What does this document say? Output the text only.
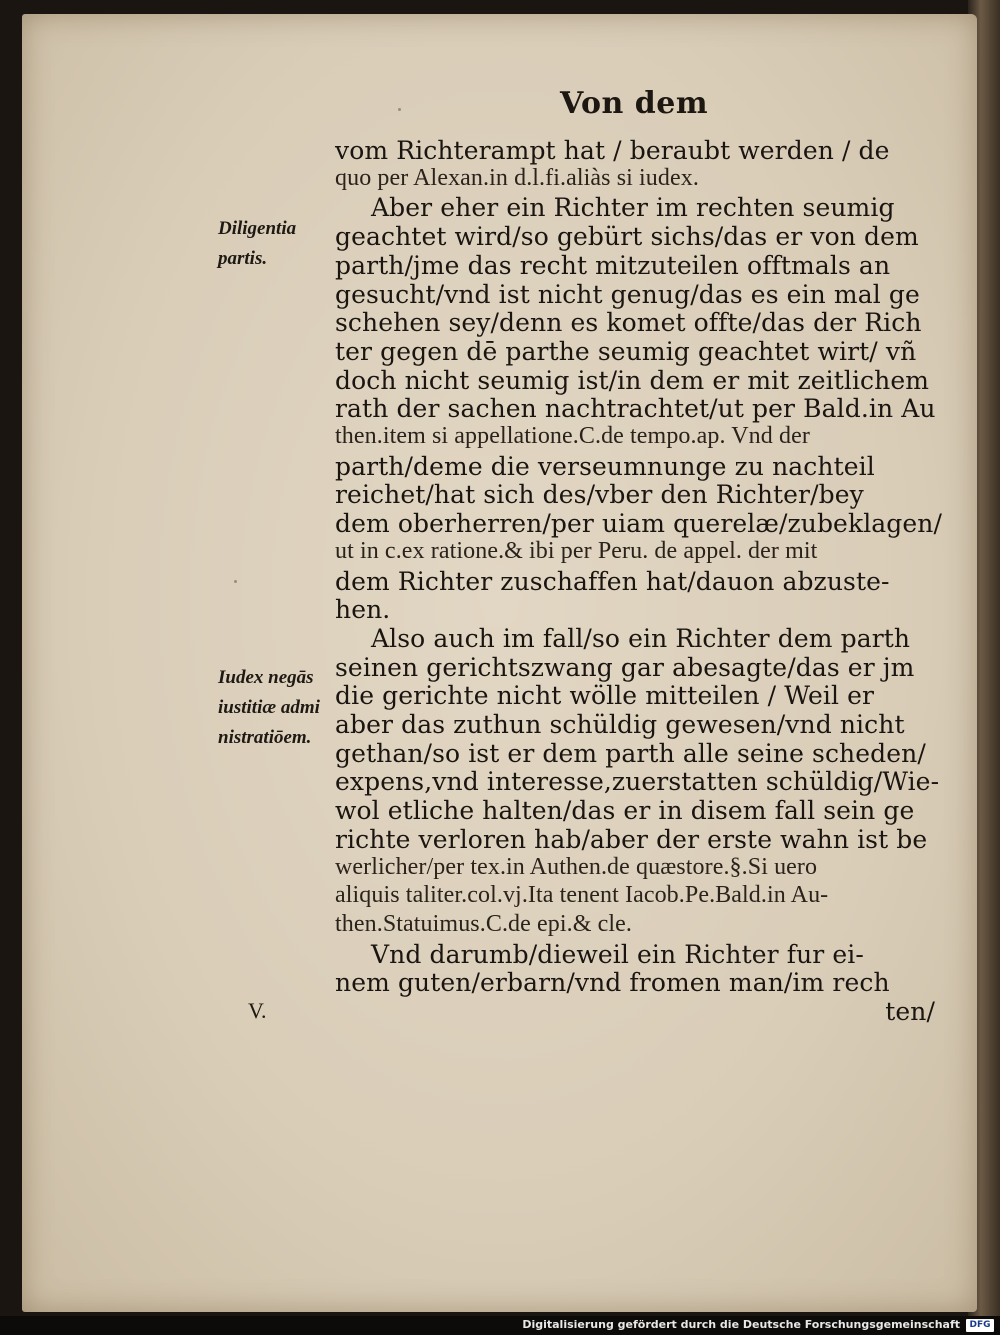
Von dem
Diligentia
partis.
Iudex negās
iustitiæ admi
nistratiōem.
V.
vom Richterampt hat / beraubt werden / de
quo per Alexan.in d.l.fi.aliàs si iudex.
Aber eher ein Richter im rechten seumig
geachtet wird/so gebürt sichs/das er von dem
parth/jme das recht mitzuteilen offtmals an
gesucht/vnd ist nicht genug/das es ein mal ge
schehen sey/denn es komet offte/das der Rich
ter gegen dē parthe seumig geachtet wirt/ vñ
doch nicht seumig ist/in dem er mit zeitlichem
rath der sachen nachtrachtet/ut per Bald.in Au
then.item si appellatione.C.de tempo.ap. Vnd der
parth/deme die verseumnunge zu nachteil
reichet/hat sich des/vber den Richter/bey
dem oberherren/per uiam querelæ/zubeklagen/
ut in c.ex ratione.& ibi per Peru. de appel. der mit
dem Richter zuschaffen hat/dauon abzuste-
hen.
Also auch im fall/so ein Richter dem parth
seinen gerichtszwang gar abesagte/das er jm
die gerichte nicht wölle mitteilen / Weil er
aber das zuthun schüldig gewesen/vnd nicht
gethan/so ist er dem parth alle seine scheden/
expens,vnd interesse,zuerstatten schüldig/Wie-
wol etliche halten/das er in disem fall sein ge
richte verloren hab/aber der erste wahn ist be
werlicher/per tex.in Authen.de quæstore.§.Si uero
aliquis taliter.col.vj.Ita tenent Iacob.Pe.Bald.in Au-
then.Statuimus.C.de epi.& cle.
Vnd darumb/dieweil ein Richter fur ei-
nem guten/erbarn/vnd fromen man/im rech
ten/
Digitalisierung gefördert durch die Deutsche Forschungsgemeinschaft	DFG
